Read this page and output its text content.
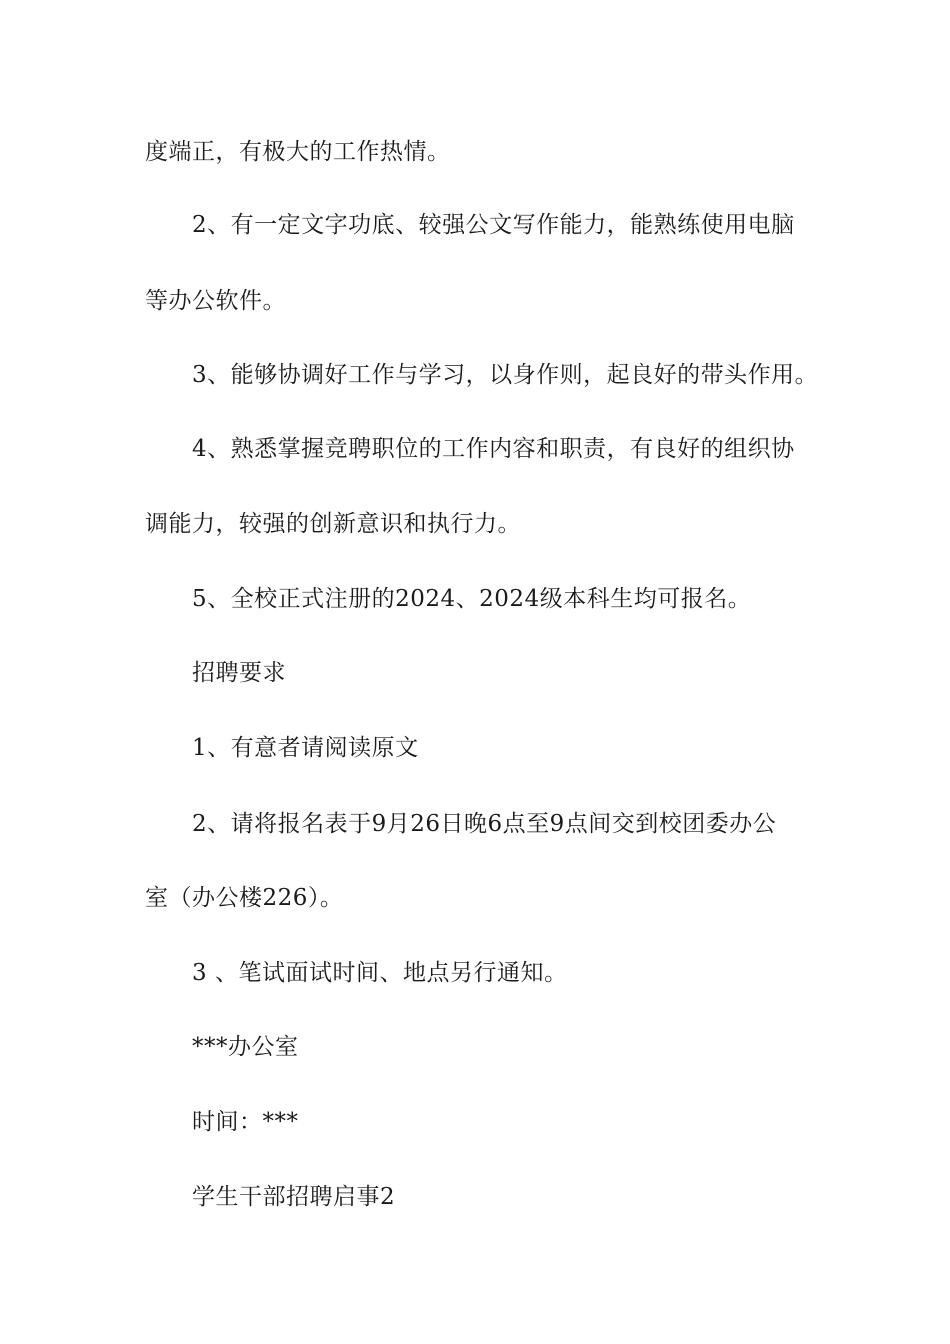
度端正，有极大的工作热情。
2、有一定文字功底、较强公文写作能力，能熟练使用电脑
等办公软件。
3、能够协调好工作与学习，以身作则，起良好的带头作用。
4、熟悉掌握竞聘职位的工作内容和职责，有良好的组织协
调能力，较强的创新意识和执行力。
5、全校正式注册的2024、2024级本科生均可报名。
招聘要求
1、有意者请阅读原文
2、请将报名表于9月26日晚6点至9点间交到校团委办公
室（办公楼226）。
3 、笔试面试时间、地点另行通知。
***办公室
时间：***
学生干部招聘启事2
